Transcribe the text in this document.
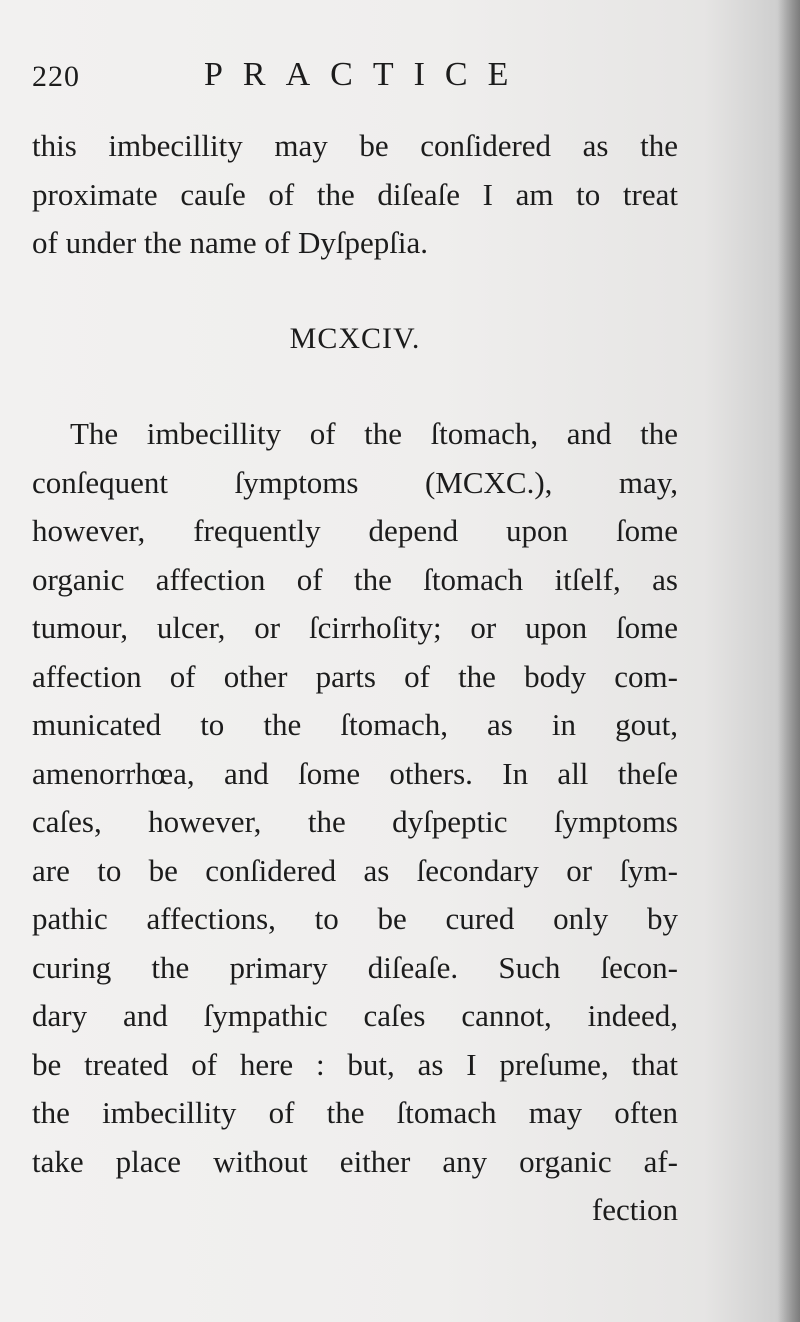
220	PRACTICE
this imbecillity may be conſidered as the
proximate cauſe of the diſeaſe I am to treat
of under the name of Dyſpepſia.
MCXCIV.
The imbecillity of the ſtomach, and the
conſequent ſymptoms (MCXC.), may,
however, frequently depend upon ſome
organic affection of the ſtomach itſelf, as
tumour, ulcer, or ſcirrhoſity; or upon ſome
affection of other parts of the body com-
municated to the ſtomach, as in gout,
amenorrhœa, and ſome others. In all theſe
caſes, however, the dyſpeptic ſymptoms
are to be conſidered as ſecondary or ſym-
pathic affections, to be cured only by
curing the primary diſeaſe. Such ſecon-
dary and ſympathic caſes cannot, indeed,
be treated of here : but, as I preſume, that
the imbecillity of the ſtomach may often
take place without either any organic af-
fection
